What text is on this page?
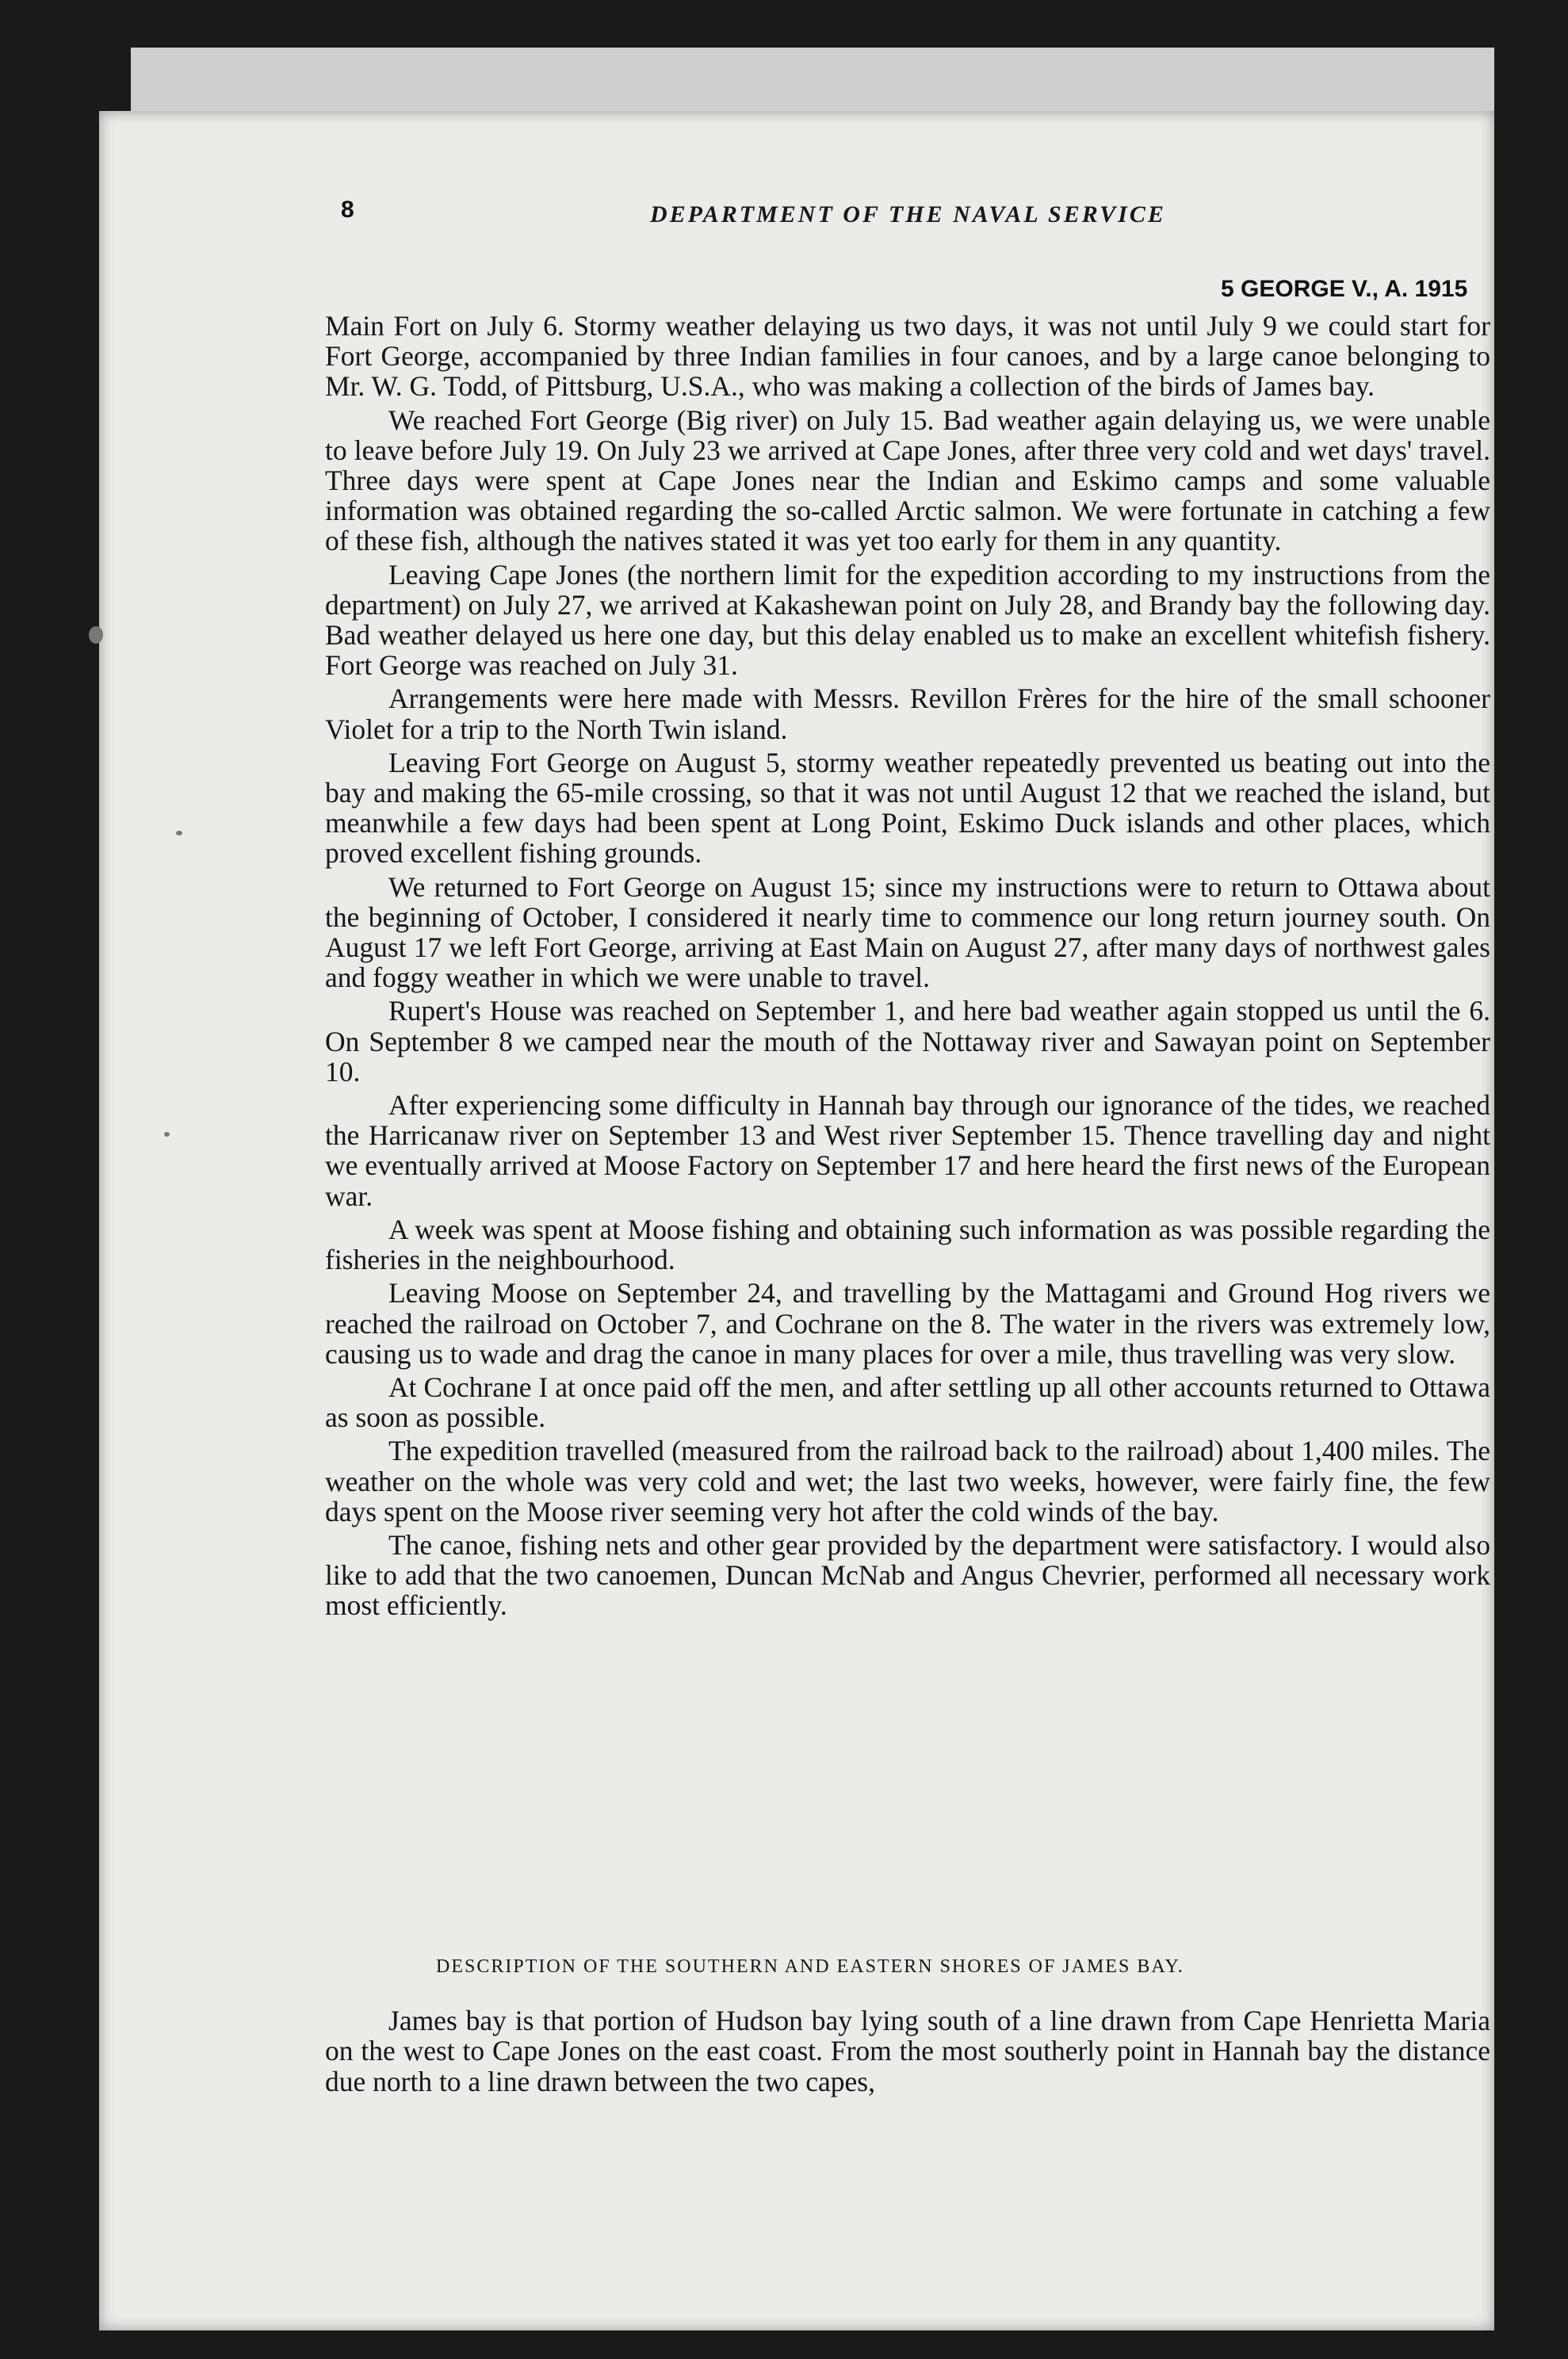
8	DEPARTMENT OF THE NAVAL SERVICE
5 GEORGE V., A. 1915

Main Fort on July 6. Stormy weather delaying us two days, it was not until July 9 we could start for Fort George, accompanied by three Indian families in four canoes, and by a large canoe belonging to Mr. W. G. Todd, of Pittsburg, U.S.A., who was making a collection of the birds of James bay.

We reached Fort George (Big river) on July 15. Bad weather again delaying us, we were unable to leave before July 19. On July 23 we arrived at Cape Jones, after three very cold and wet days' travel. Three days were spent at Cape Jones near the Indian and Eskimo camps and some valuable information was obtained regarding the so-called Arctic salmon. We were fortunate in catching a few of these fish, although the natives stated it was yet too early for them in any quantity.

Leaving Cape Jones (the northern limit for the expedition according to my instructions from the department) on July 27, we arrived at Kakashewan point on July 28, and Brandy bay the following day. Bad weather delayed us here one day, but this delay enabled us to make an excellent whitefish fishery. Fort George was reached on July 31.

Arrangements were here made with Messrs. Revillon Frères for the hire of the small schooner Violet for a trip to the North Twin island.

Leaving Fort George on August 5, stormy weather repeatedly prevented us beating out into the bay and making the 65-mile crossing, so that it was not until August 12 that we reached the island, but meanwhile a few days had been spent at Long Point, Eskimo Duck islands and other places, which proved excellent fishing grounds.

We returned to Fort George on August 15; since my instructions were to return to Ottawa about the beginning of October, I considered it nearly time to commence our long return journey south. On August 17 we left Fort George, arriving at East Main on August 27, after many days of northwest gales and foggy weather in which we were unable to travel.

Rupert's House was reached on September 1, and here bad weather again stopped us until the 6. On September 8 we camped near the mouth of the Nottaway river and Sawayan point on September 10.

After experiencing some difficulty in Hannah bay through our ignorance of the tides, we reached the Harricanaw river on September 13 and West river September 15. Thence travelling day and night we eventually arrived at Moose Factory on September 17 and here heard the first news of the European war.

A week was spent at Moose fishing and obtaining such information as was possible regarding the fisheries in the neighbourhood.

Leaving Moose on September 24, and travelling by the Mattagami and Ground Hog rivers we reached the railroad on October 7, and Cochrane on the 8. The water in the rivers was extremely low, causing us to wade and drag the canoe in many places for over a mile, thus travelling was very slow.

At Cochrane I at once paid off the men, and after settling up all other accounts returned to Ottawa as soon as possible.

The expedition travelled (measured from the railroad back to the railroad) about 1,400 miles. The weather on the whole was very cold and wet; the last two weeks, however, were fairly fine, the few days spent on the Moose river seeming very hot after the cold winds of the bay.

The canoe, fishing nets and other gear provided by the department were satisfactory. I would also like to add that the two canoemen, Duncan McNab and Angus Chevrier, performed all necessary work most efficiently.

DESCRIPTION OF THE SOUTHERN AND EASTERN SHORES OF JAMES BAY.

James bay is that portion of Hudson bay lying south of a line drawn from Cape Henrietta Maria on the west to Cape Jones on the east coast. From the most southerly point in Hannah bay the distance due north to a line drawn between the two capes,
